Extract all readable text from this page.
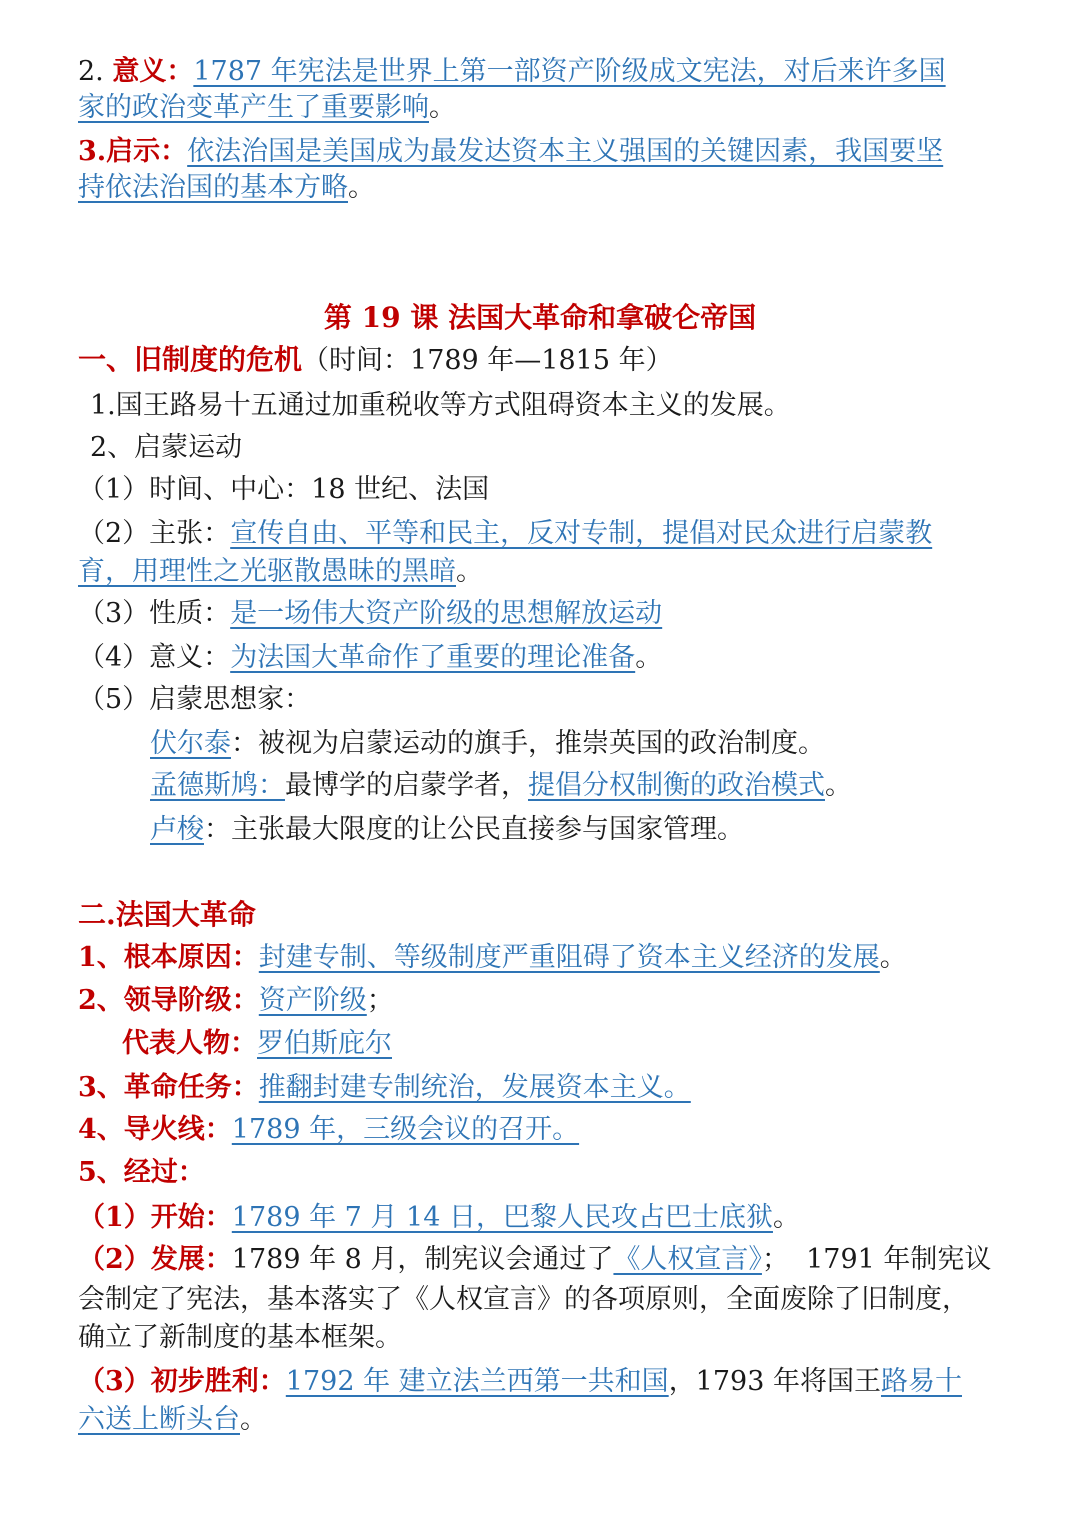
2. 意义：1787 年宪法是世界上第一部资产阶级成文宪法，对后来许多国
家的政治变革产生了重要影响。
3.启示：依法治国是美国成为最发达资本主义强国的关键因素，我国要坚
持依法治国的基本方略。
第 19 课 法国大革命和拿破仑帝国
一、旧制度的危机（时间：1789 年—1815 年）
1.国王路易十五通过加重税收等方式阻碍资本主义的发展。
2、启蒙运动
（1）时间、中心：18 世纪、法国
（2）主张：宣传自由、平等和民主，反对专制，提倡对民众进行启蒙教
育，用理性之光驱散愚昧的黑暗。
（3）性质：是一场伟大资产阶级的思想解放运动
（4）意义：为法国大革命作了重要的理论准备。
（5）启蒙思想家：
伏尔泰：被视为启蒙运动的旗手，推崇英国的政治制度。
孟德斯鸠：最博学的启蒙学者，提倡分权制衡的政治模式。
卢梭：主张最大限度的让公民直接参与国家管理。
二.法国大革命
1、根本原因：封建专制、等级制度严重阻碍了资本主义经济的发展。
2、领导阶级：资产阶级；
代表人物：罗伯斯庇尔
3、革命任务：推翻封建专制统治，发展资本主义。
4、导火线：1789 年，三级会议的召开。
5、经过：
（1）开始：1789 年 7 月 14 日，巴黎人民攻占巴士底狱。
（2）发展：1789 年 8 月，制宪议会通过了《人权宣言》；  1791 年制宪议
会制定了宪法，基本落实了《人权宣言》的各项原则，全面废除了旧制度，
确立了新制度的基本框架。
（3）初步胜利：1792 年 建立法兰西第一共和国，1793 年将国王路易十
六送上断头台。
